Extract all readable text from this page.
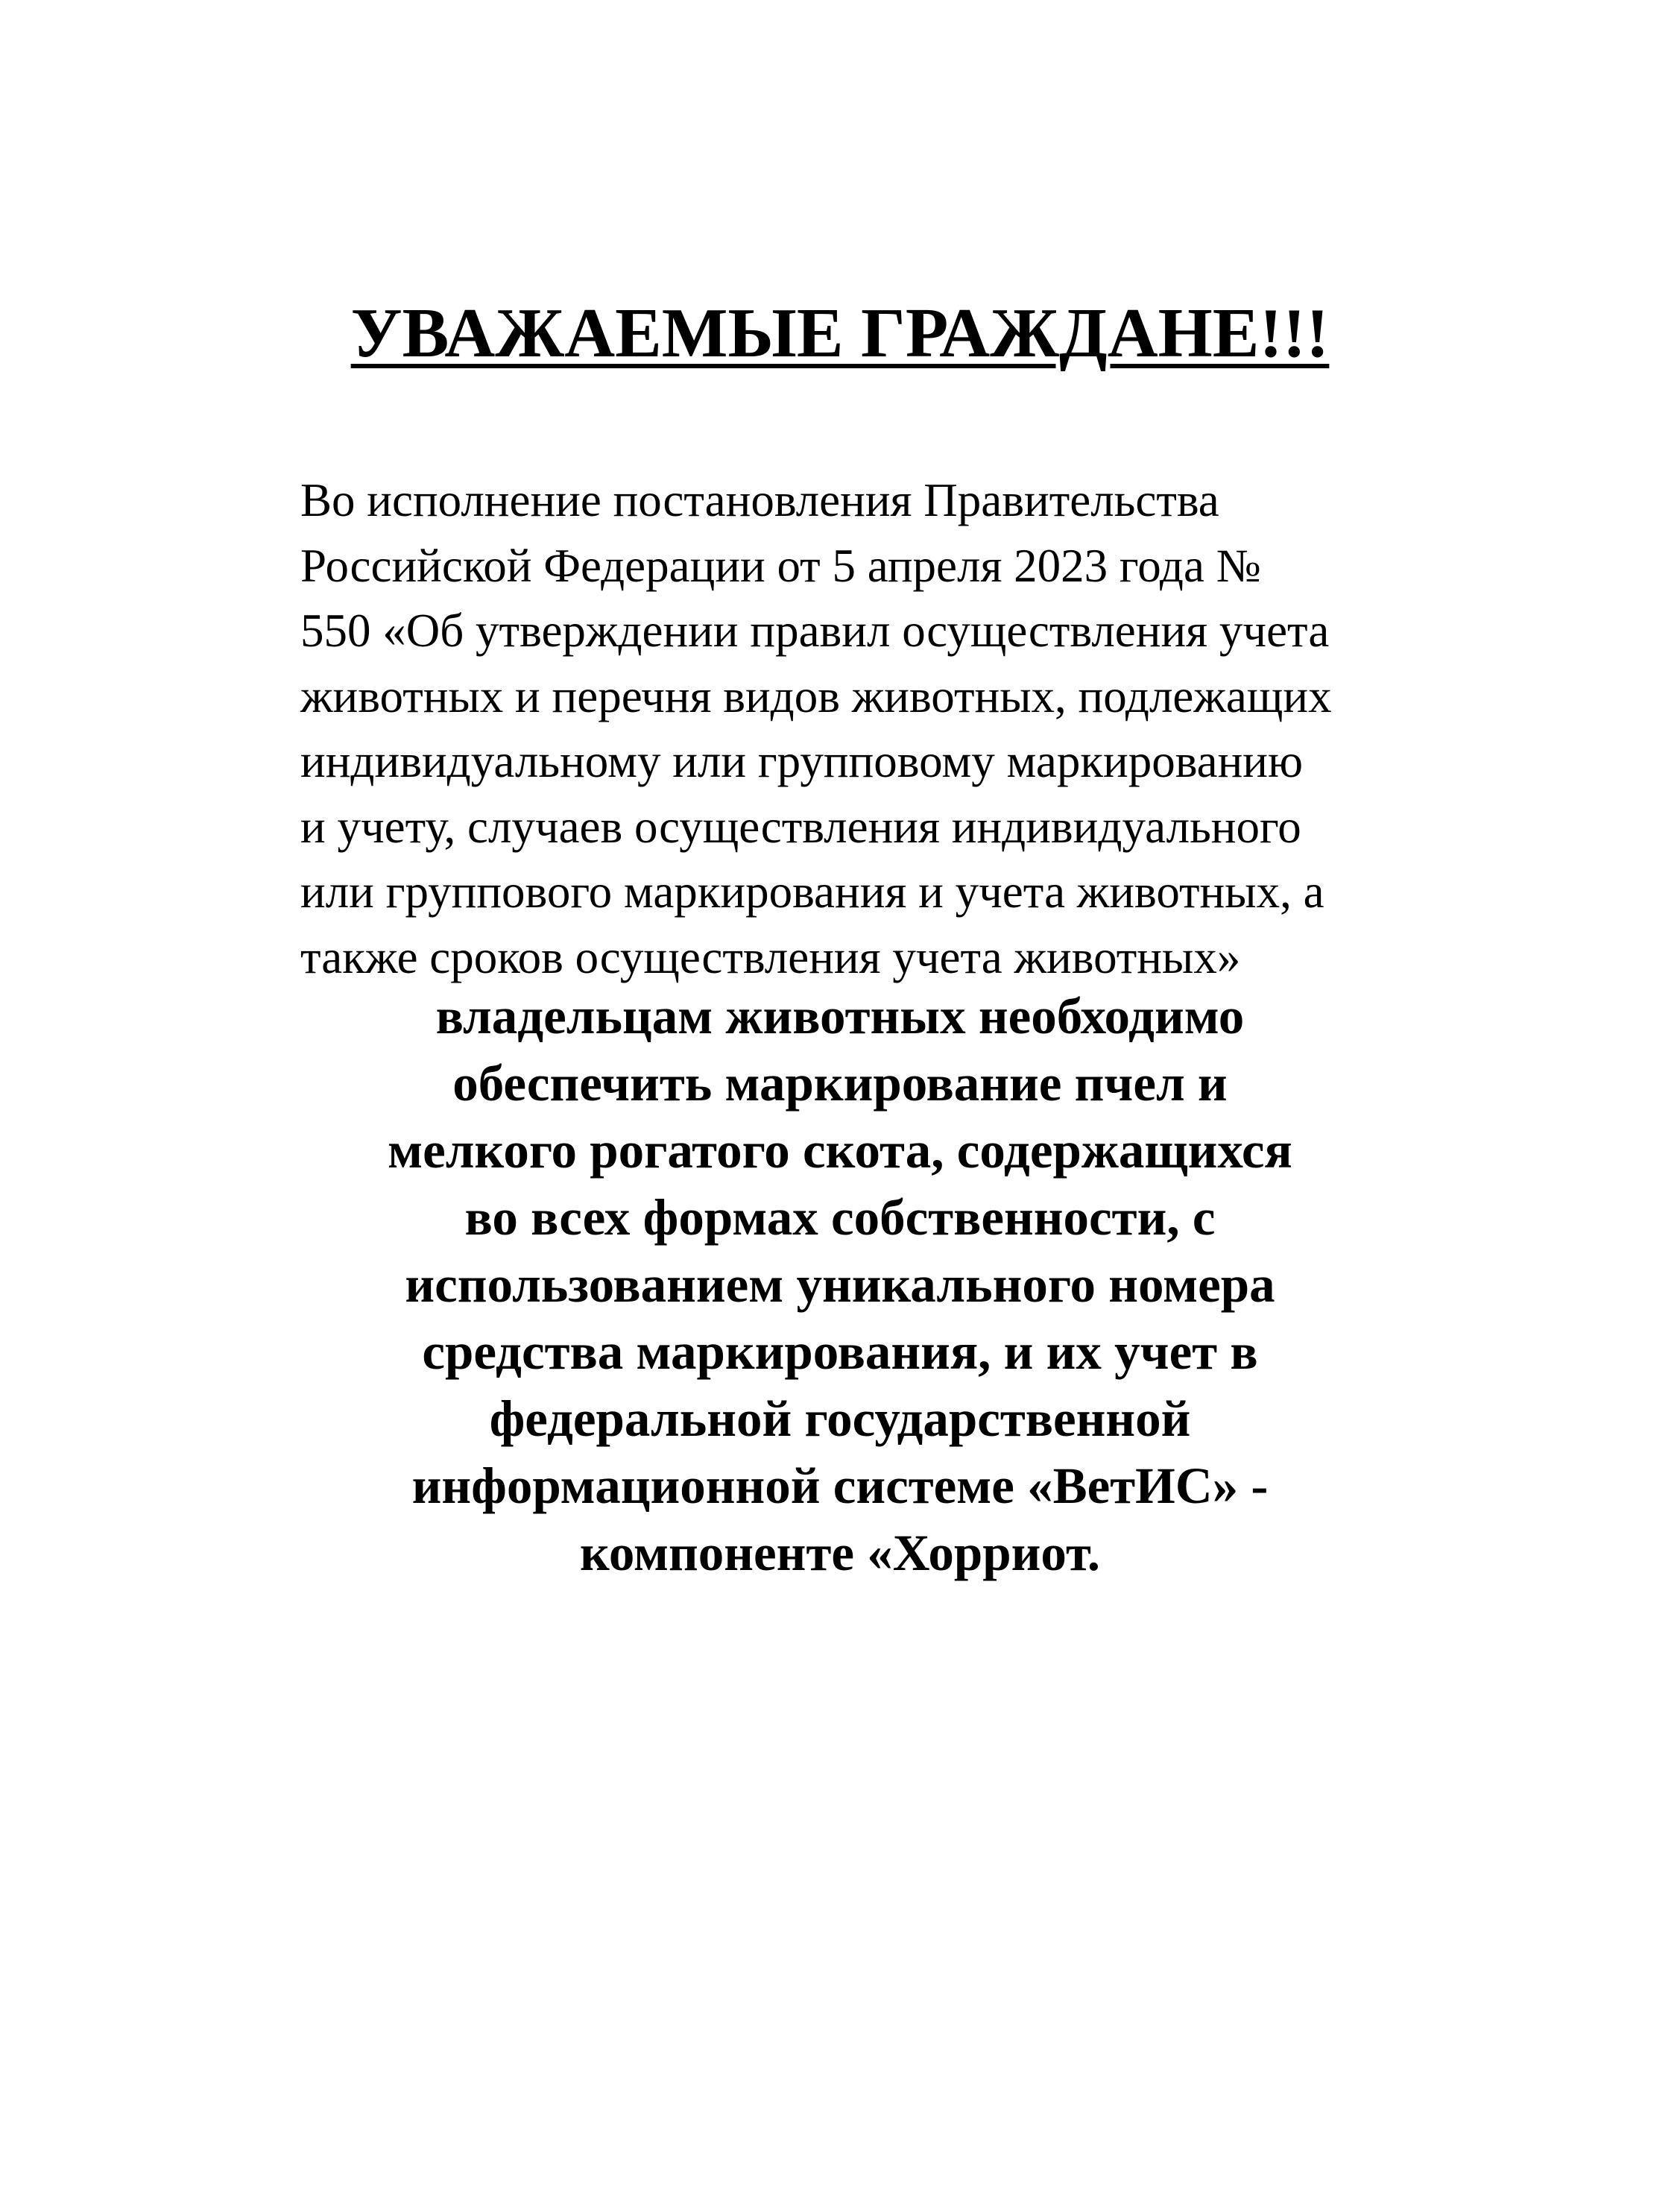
УВАЖАЕМЫЕ ГРАЖДАНЕ!!!
Во исполнение постановления Правительства
Российской Федерации от 5 апреля 2023 года №
550 «Об утверждении правил осуществления учета
животных и перечня видов животных, подлежащих
индивидуальному или групповому маркированию
и учету, случаев осуществления индивидуального
или группового маркирования и учета животных, а
также сроков осуществления учета животных»
владельцам животных необходимо
обеспечить маркирование пчел и
мелкого рогатого скота, содержащихся
во всех формах собственности, с
использованием уникального номера
средства маркирования, и их учет в
федеральной государственной
информационной системе «ВетИС» -
компоненте «Хорриот.
